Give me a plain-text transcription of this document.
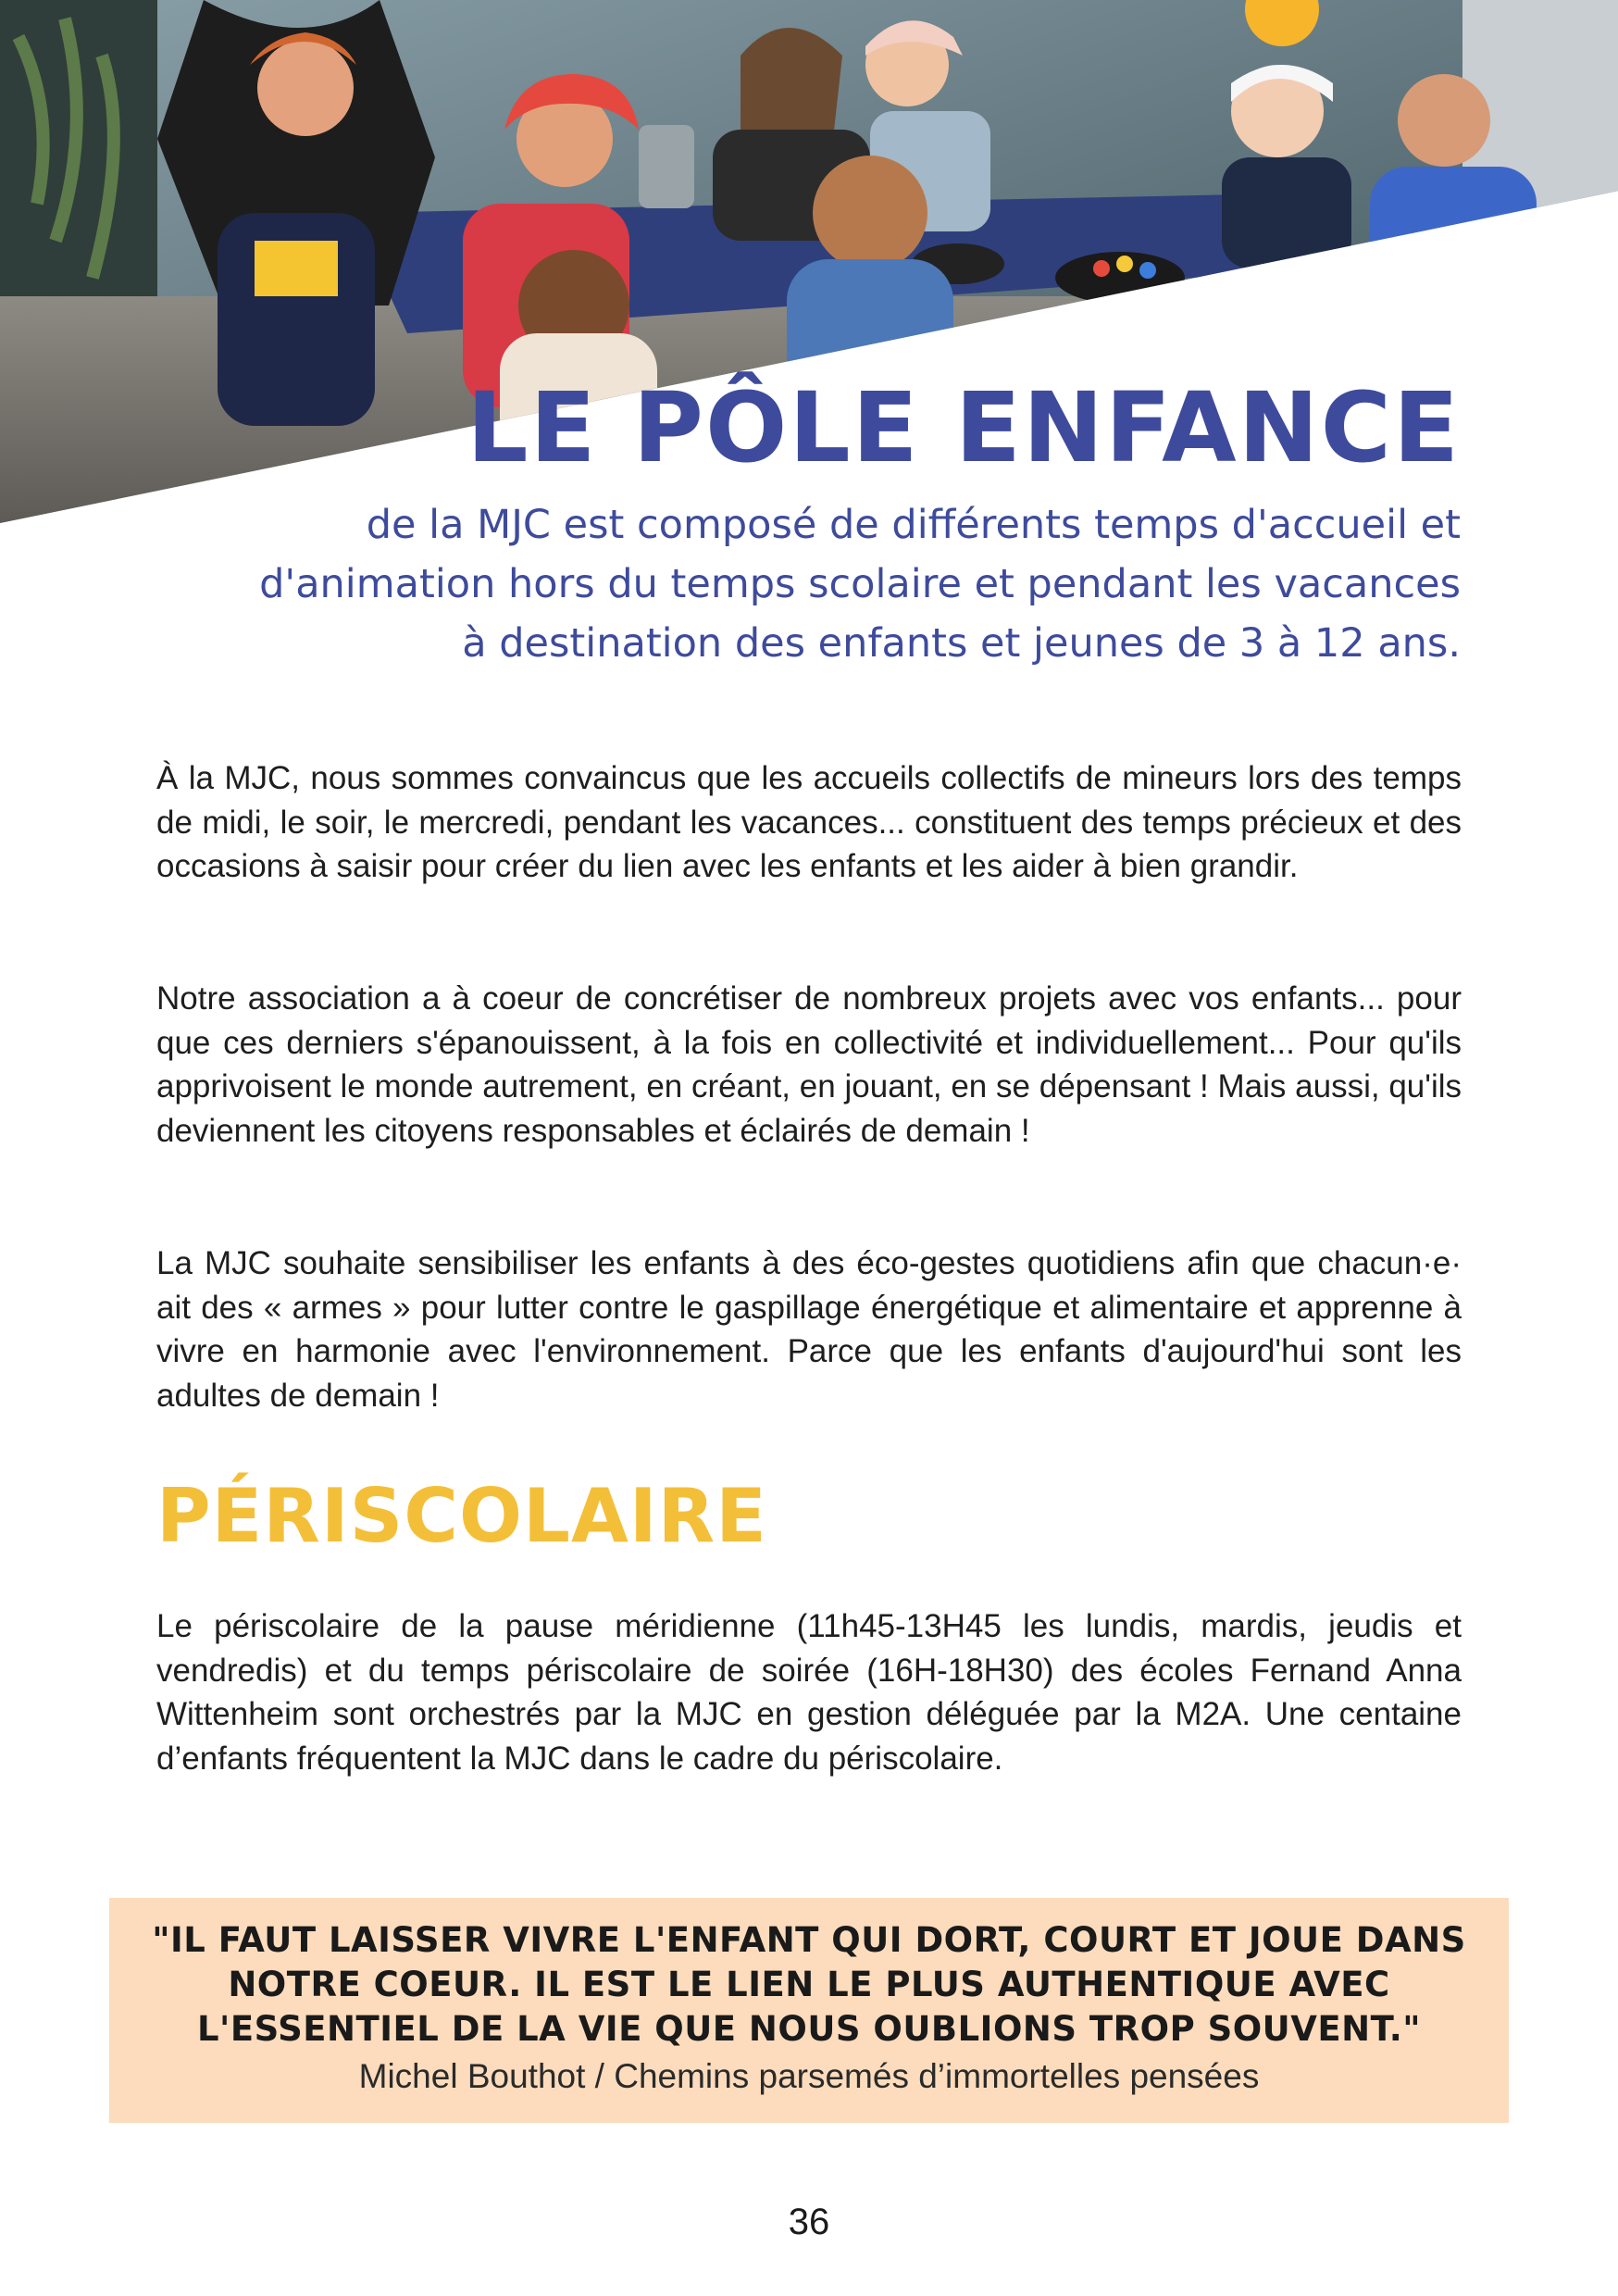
LE PÔLE ENFANCE
de la MJC est composé de différents temps d'accueil et
d'animation hors du temps scolaire et pendant les vacances
à destination des enfants et jeunes de 3 à 12 ans.

À la MJC, nous sommes convaincus que les accueils collectifs de mineurs lors des temps de midi, le soir, le mercredi, pendant les vacances... constituent des temps précieux et des occasions à saisir pour créer du lien avec les enfants et les aider à bien grandir.

Notre association a à coeur de concrétiser de nombreux projets avec vos enfants... pour que ces derniers s'épanouissent, à la fois en collectivité et individuellement... Pour qu'ils apprivoisent le monde autrement, en créant, en jouant, en se dépensant ! Mais aussi, qu'ils deviennent les citoyens responsables et éclairés de demain !

La MJC souhaite sensibiliser les enfants à des éco-gestes quotidiens afin que chacun·e· ait des « armes » pour lutter contre le gaspillage énergétique et alimentaire et apprenne à vivre en harmonie avec l'environnement. Parce que les enfants d'aujourd'hui sont les adultes de demain !

PÉRISCOLAIRE

Le périscolaire de la pause méridienne (11h45-13H45 les lundis, mardis, jeudis et vendredis) et du temps périscolaire de soirée (16H-18H30) des écoles Fernand Anna Wittenheim sont orchestrés par la MJC en gestion déléguée par la M2A. Une centaine d’enfants fréquentent la MJC dans le cadre du périscolaire.

"IL FAUT LAISSER VIVRE L'ENFANT QUI DORT, COURT ET JOUE DANS NOTRE COEUR. IL EST LE LIEN LE PLUS AUTHENTIQUE AVEC L'ESSENTIEL DE LA VIE QUE NOUS OUBLIONS TROP SOUVENT."
Michel Bouthot / Chemins parsemés d’immortelles pensées
36
